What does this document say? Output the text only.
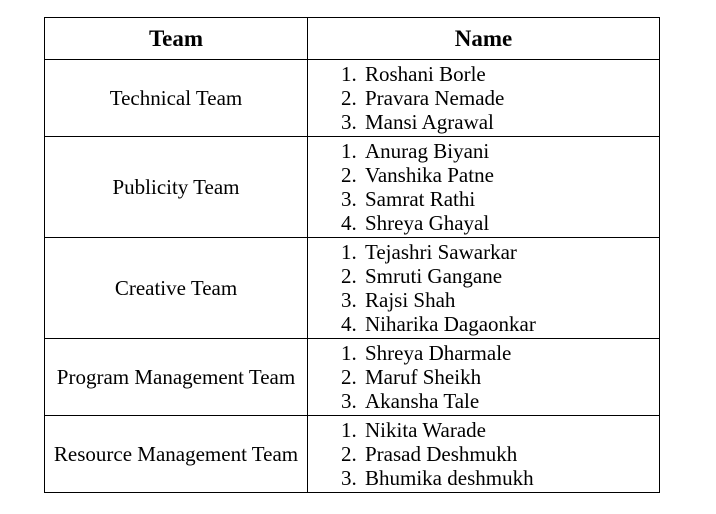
Team	Name
Technical Team	
1. Roshani Borle
2. Pravara Nemade
3. Mansi Agrawal

Publicity Team	
1. Anurag Biyani
2. Vanshika Patne
3. Samrat Rathi
4. Shreya Ghayal

Creative Team	
1. Tejashri Sawarkar
2. Smruti Gangane
3. Rajsi Shah
4. Niharika Dagaonkar

Program Management Team	
1. Shreya Dharmale
2. Maruf Sheikh
3. Akansha Tale

Resource Management Team	
1. Nikita Warade
2. Prasad Deshmukh
3. Bhumika deshmukh
